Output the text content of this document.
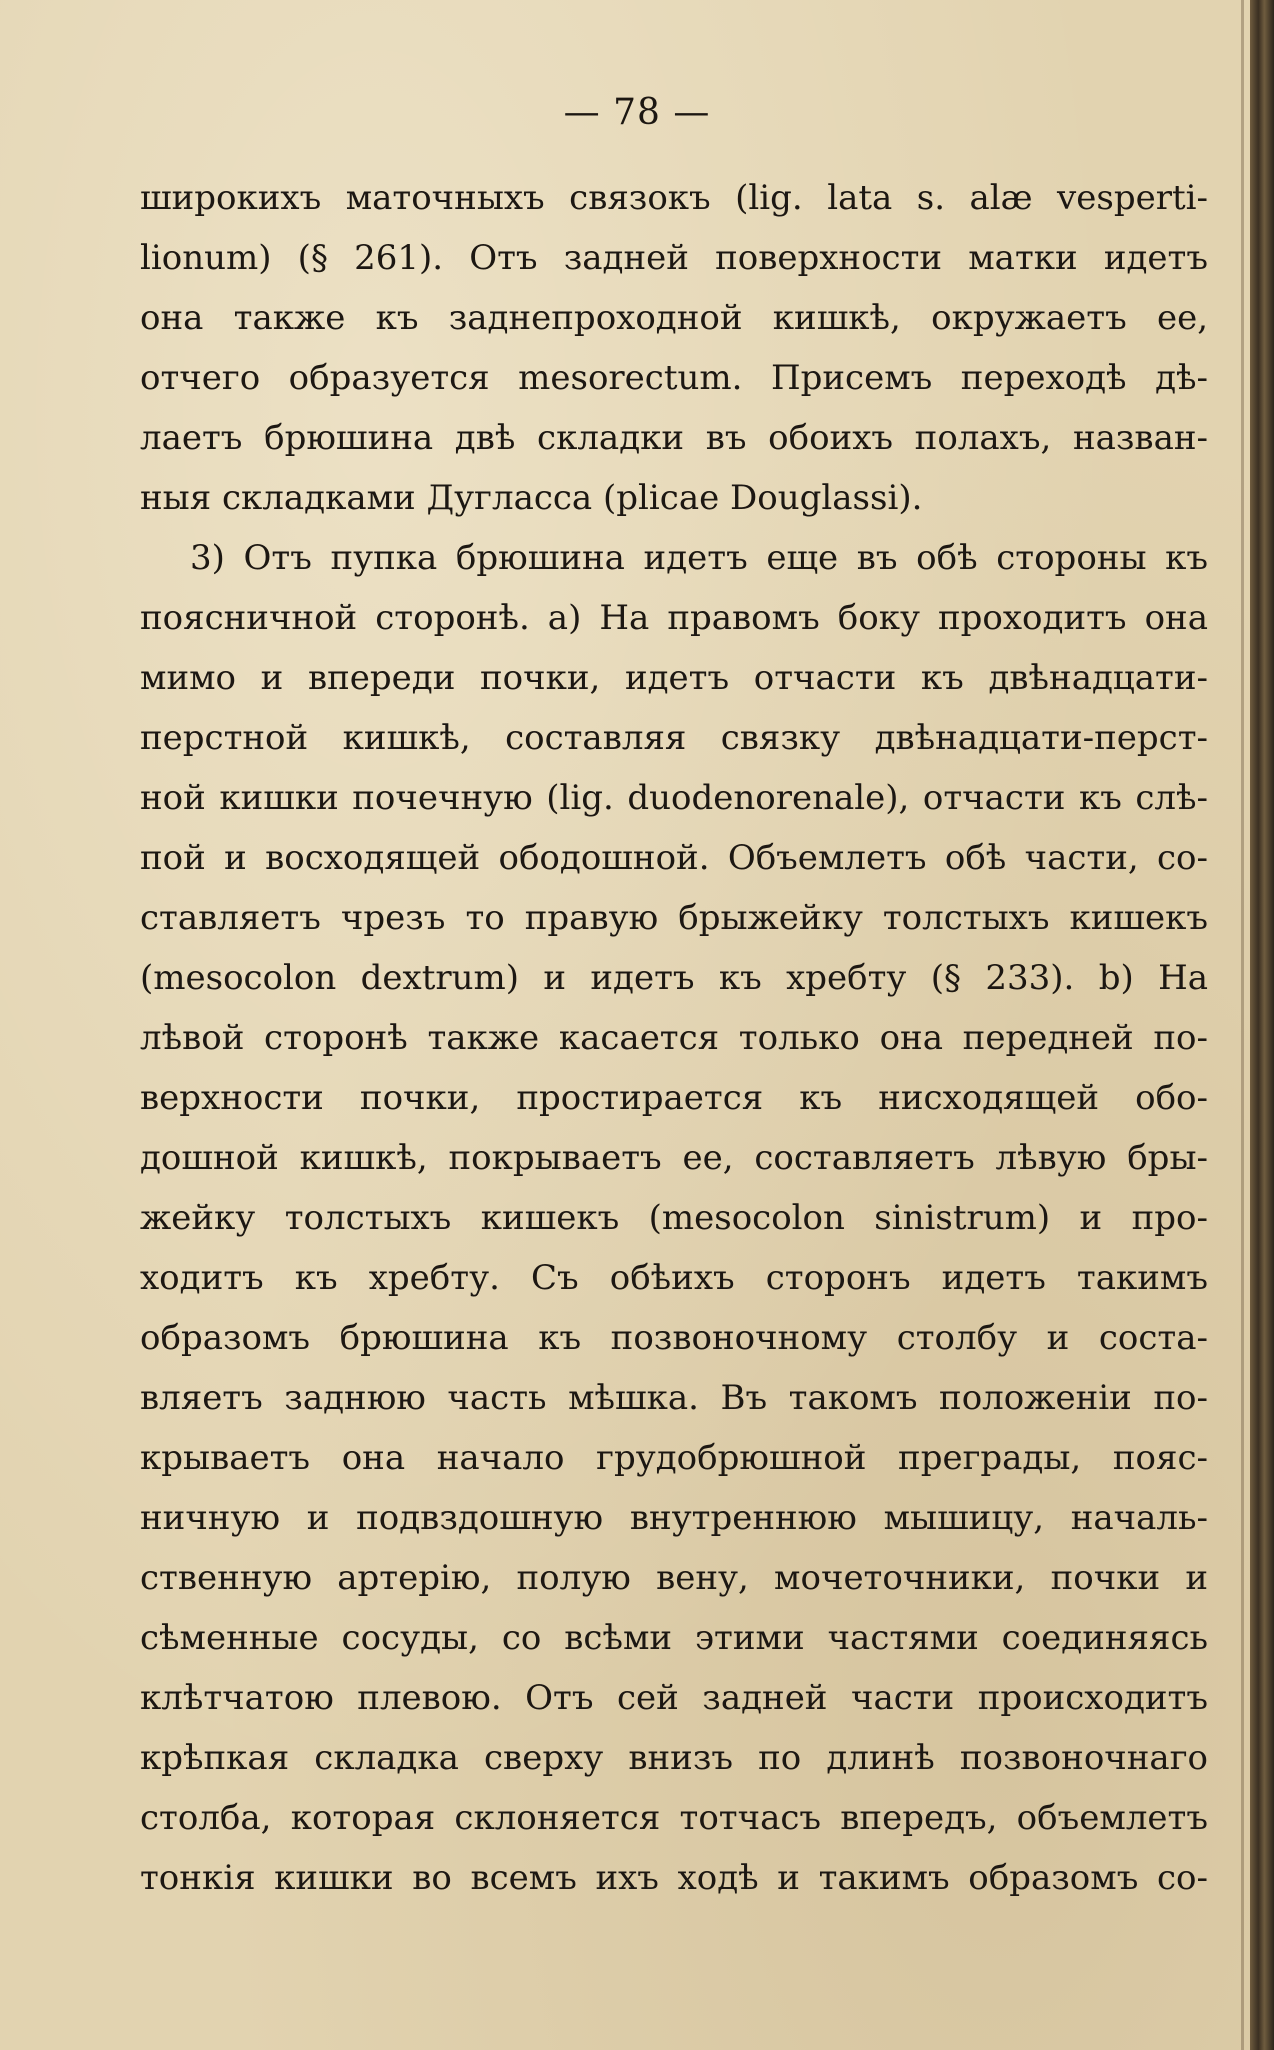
— 78 —
широкихъ маточныхъ связокъ (lig. lata s. alæ vesperti-
lionum) (§ 261). Отъ задней поверхности матки идетъ
она также къ заднепроходной кишкѣ, окружаетъ ее,
отчего образуется mesorectum. Присемъ переходѣ дѣ-
лаетъ брюшина двѣ складки въ обоихъ полахъ, назван-
ныя складками Дугласса (plicae Douglassi).
3) Отъ пупка брюшина идетъ еще въ обѣ стороны къ
поясничной сторонѣ. а) На правомъ боку проходитъ она
мимо и впереди почки, идетъ отчасти къ двѣнадцати-
перстной кишкѣ, составляя связку двѣнадцати-перст-
ной кишки почечную (lig. duodenorenale), отчасти къ слѣ-
пой и восходящей ободошной. Объемлетъ обѣ части, со-
ставляетъ чрезъ то правую брыжейку толстыхъ кишекъ
(mesocolon dextrum) и идетъ къ хребту (§ 233). b) На
лѣвой сторонѣ также касается только она передней по-
верхности почки, простирается къ нисходящей обо-
дошной кишкѣ, покрываетъ ее, составляетъ лѣвую бры-
жейку толстыхъ кишекъ (mesocolon sinistrum) и про-
ходитъ къ хребту. Съ обѣихъ сторонъ идетъ такимъ
образомъ брюшина къ позвоночному столбу и соста-
вляетъ заднюю часть мѣшка. Въ такомъ положеніи по-
крываетъ она начало грудобрюшной преграды, пояс-
ничную и подвздошную внутреннюю мышицу, началь-
ственную артерію, полую вену, мочеточники, почки и
сѣменные сосуды, со всѣми этими частями соединяясь
клѣтчатою плевою. Отъ сей задней части происходитъ
крѣпкая складка сверху внизъ по длинѣ позвоночнаго
столба, которая склоняется тотчасъ впередъ, объемлетъ
тонкія кишки во всемъ ихъ ходѣ и такимъ образомъ со-
